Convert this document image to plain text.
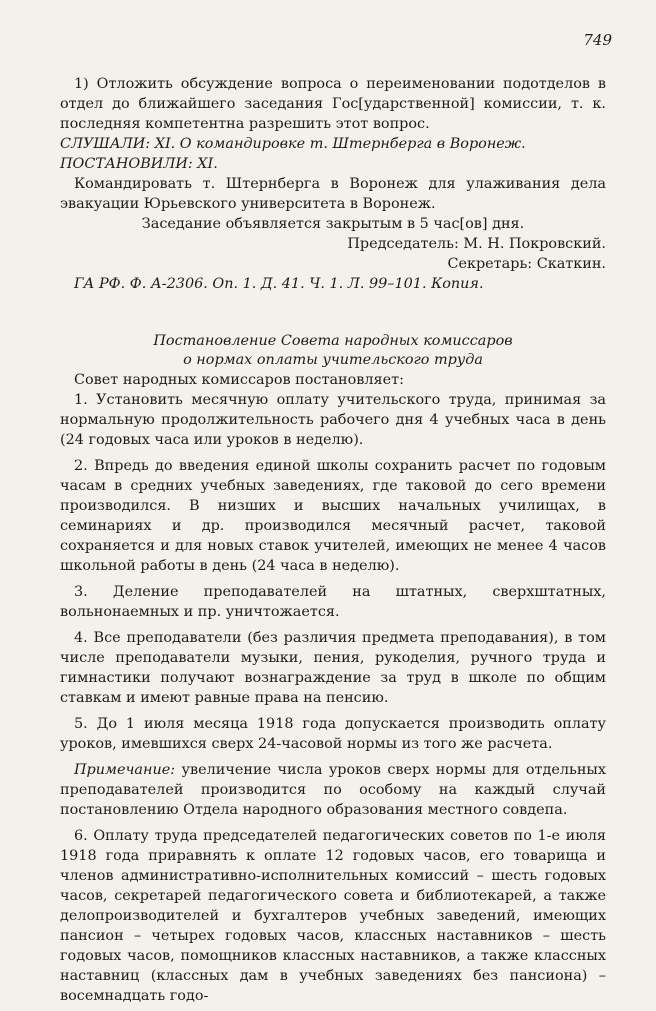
749

1) Отложить обсуждение вопроса о переименовании подотделов в отдел до ближайшего заседания Гос[ударственной] комиссии, т. к. последняя компетентна разрешить этот вопрос.

СЛУШАЛИ: XI. О командировке т. Штернберга в Воронеж.

ПОСТАНОВИЛИ: XI.

Командировать т. Штернберга в Воронеж для улаживания дела эвакуации Юрьевского университета в Воронеж.

Заседание объявляется закрытым в 5 час[ов] дня.

Председатель: М. Н. Покровский.

Секретарь: Скаткин.

ГА РФ. Ф. А-2306. Оп. 1. Д. 41. Ч. 1. Л. 99–101. Копия.

Постановление Совета народных комиссаров
о нормах оплаты учительского труда

Совет народных комиссаров постановляет:

1. Установить месячную оплату учительского труда, принимая за нормальную продолжительность рабочего дня 4 учебных часа в день (24 годовых часа или уроков в неделю).

2. Впредь до введения единой школы сохранить расчет по годовым часам в средних учебных заведениях, где таковой до сего времени производился. В низших и высших начальных училищах, в семинариях и др. производился месячный расчет, таковой сохраняется и для новых ставок учителей, имеющих не менее 4 часов школьной работы в день (24 часа в неделю).

3. Деление преподавателей на штатных, сверхштатных, вольнонаемных и пр. уничтожается.

4. Все преподаватели (без различия предмета преподавания), в том числе преподаватели музыки, пения, рукоделия, ручного труда и гимнастики получают вознаграждение за труд в школе по общим ставкам и имеют равные права на пенсию.

5. До 1 июля месяца 1918 года допускается производить оплату уроков, имевшихся сверх 24-часовой нормы из того же расчета.

Примечание: увеличение числа уроков сверх нормы для отдельных преподавателей производится по особому на каждый случай постановлению Отдела народного образования местного совдепа.

6. Оплату труда председателей педагогических советов по 1-е июля 1918 года приравнять к оплате 12 годовых часов, его товарища и членов административно-исполнительных комиссий – шесть годовых часов, секретарей педагогического совета и библиотекарей, а также делопроизводителей и бухгалтеров учебных заведений, имеющих пансион – четырех годовых часов, классных наставников – шесть годовых часов, помощников классных наставников, а также классных наставниц (классных дам в учебных заведениях без пансиона) – восемнадцать годо-
